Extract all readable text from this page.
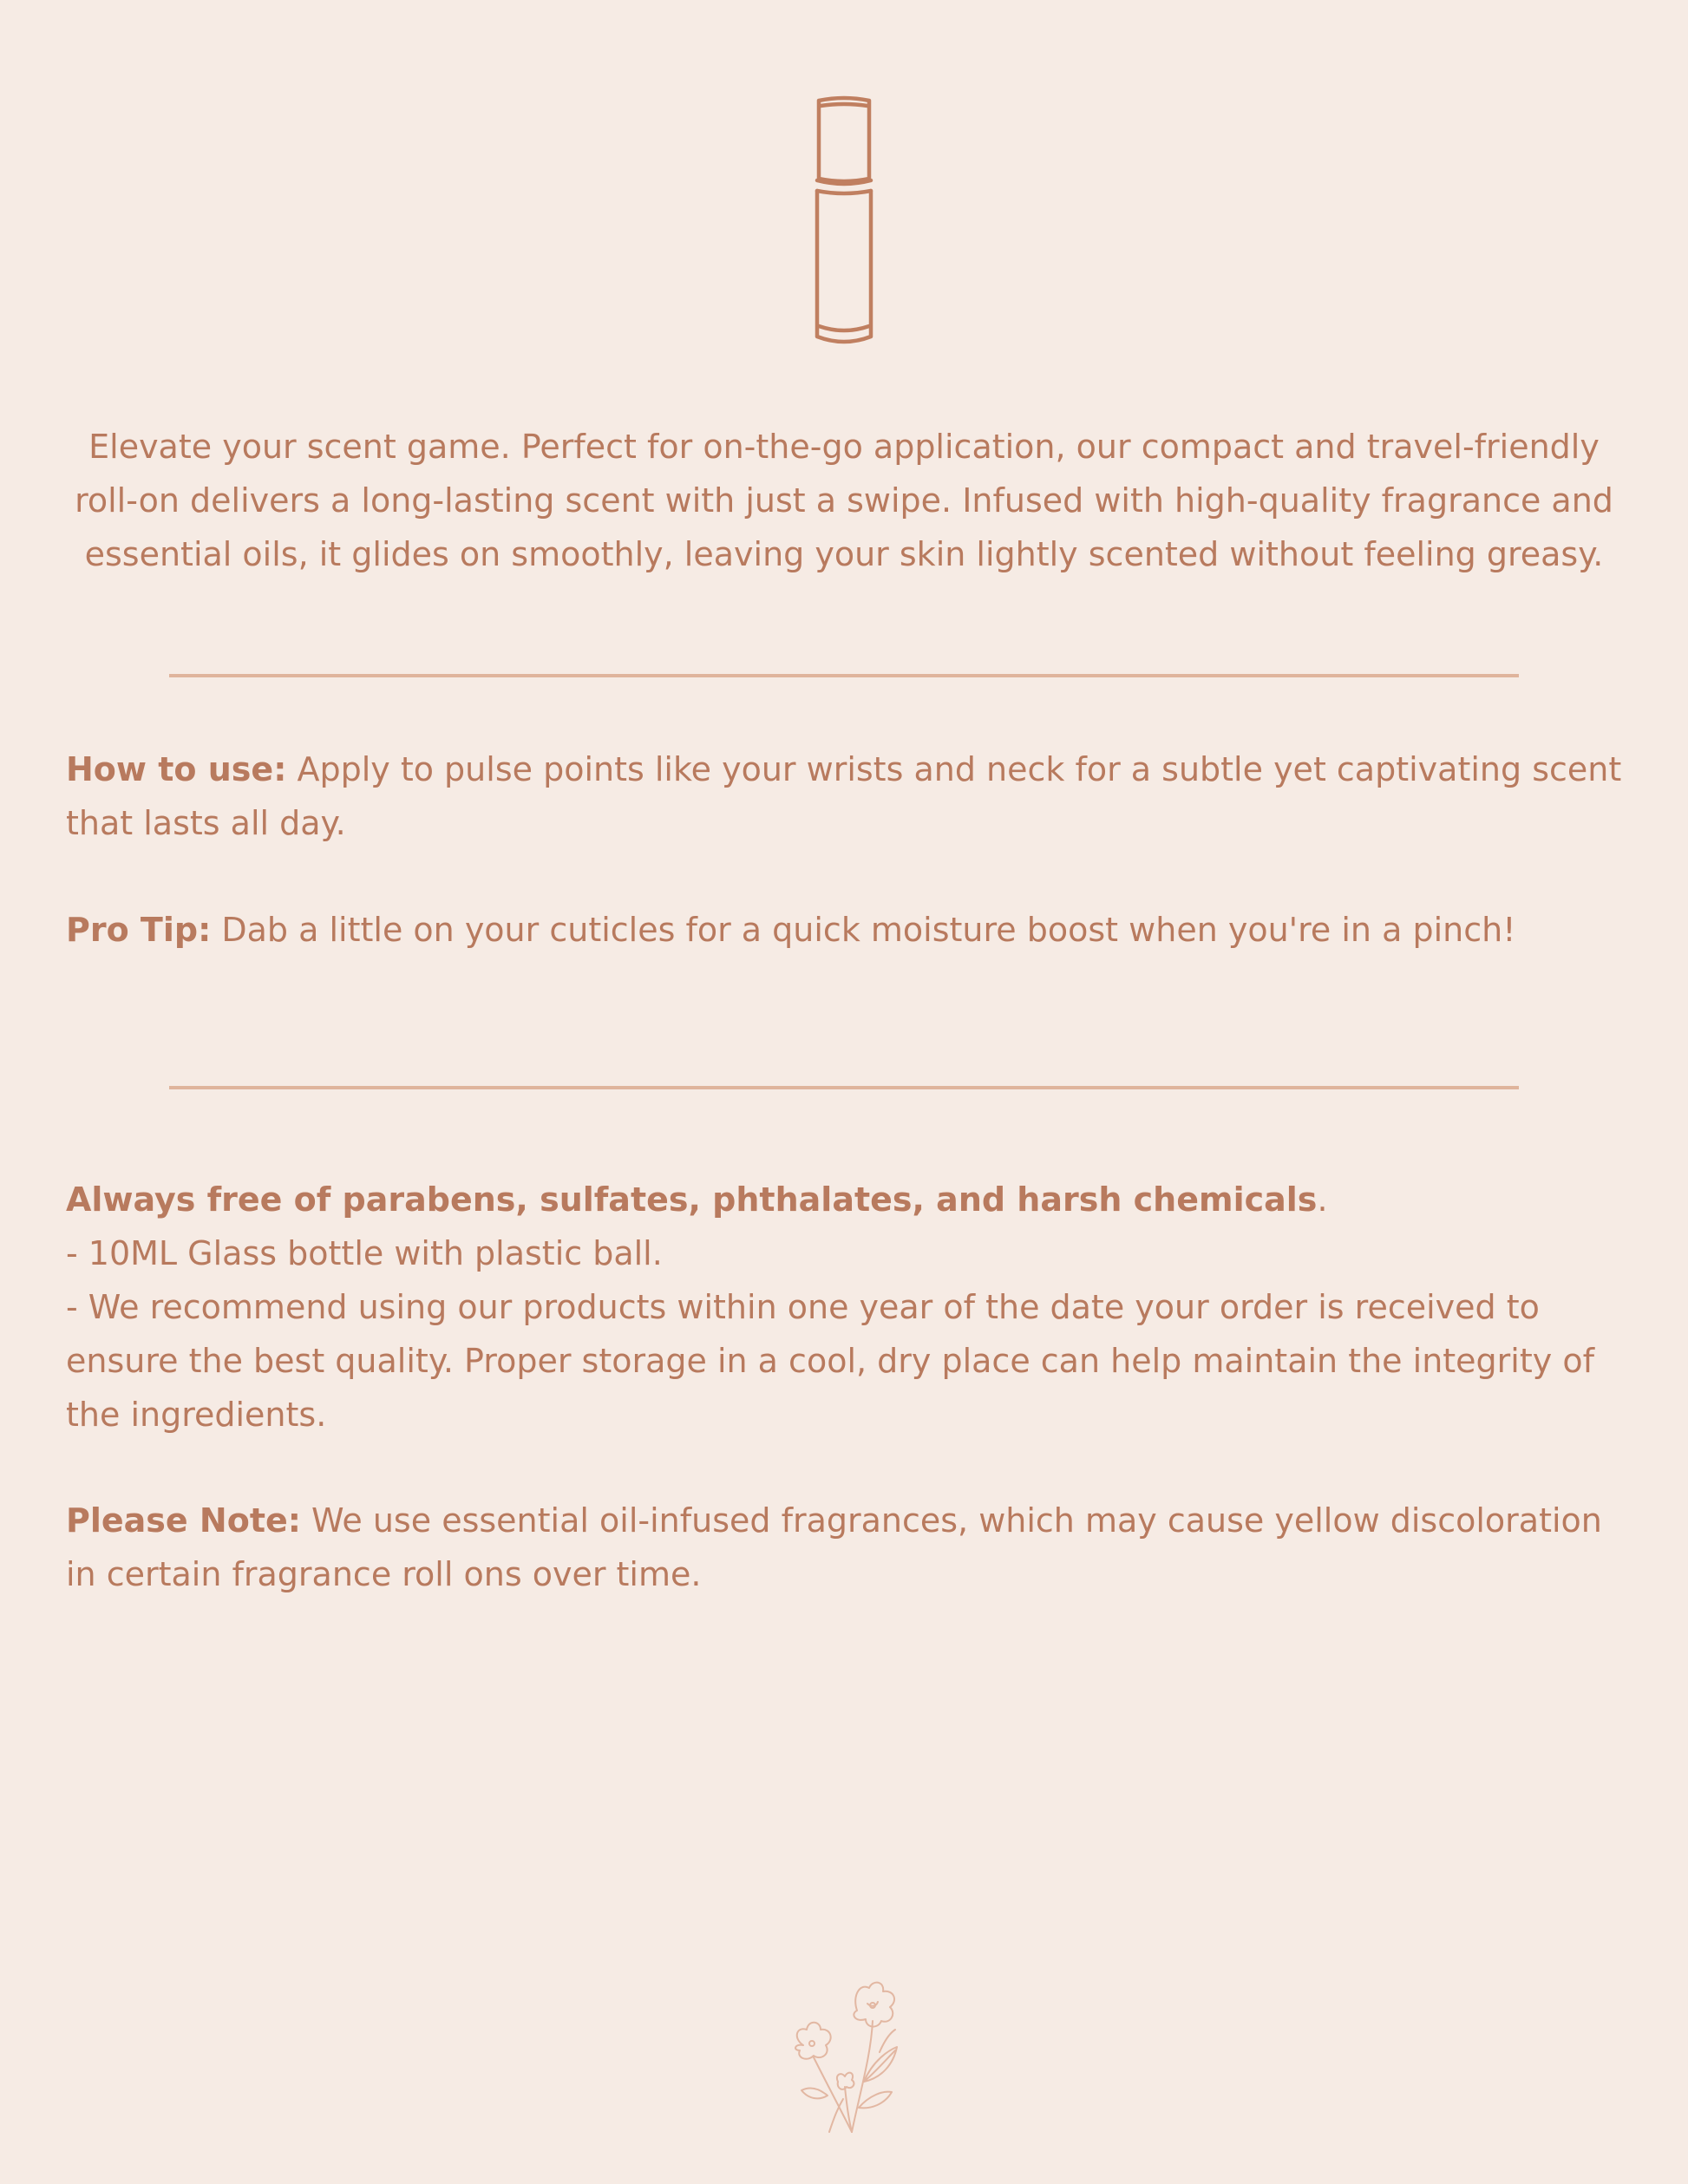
Elevate your scent game. Perfect for on-the-go application, our compact and travel-friendly roll-on delivers a long-lasting scent with just a swipe. Infused with high-quality fragrance and essential oils, it glides on smoothly, leaving your skin lightly scented without feeling greasy.

How to use: Apply to pulse points like your wrists and neck for a subtle yet captivating scent that lasts all day.

Pro Tip: Dab a little on your cuticles for a quick moisture boost when you're in a pinch!

Always free of parabens, sulfates, phthalates, and harsh chemicals.
- 10ML Glass bottle with plastic ball.
- We recommend using our products within one year of the date your order is received to ensure the best quality. Proper storage in a cool, dry place can help maintain the integrity of the ingredients.

Please Note: We use essential oil-infused fragrances, which may cause yellow discoloration in certain fragrance roll ons over time.
